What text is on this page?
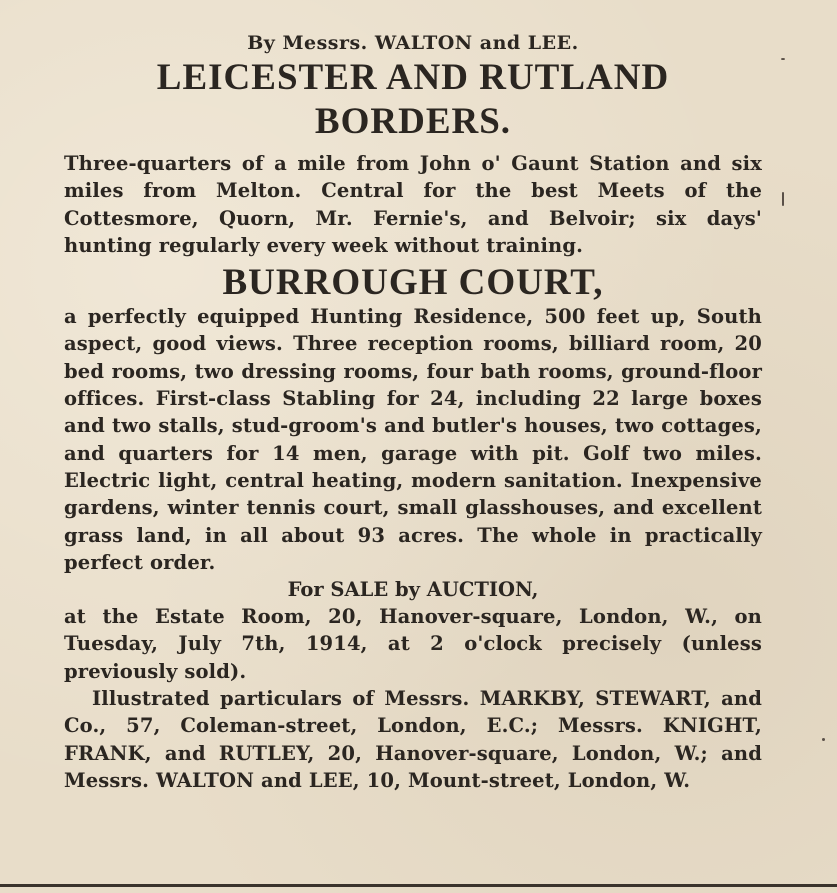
By Messrs. WALTON and LEE.

LEICESTER AND RUTLAND

BORDERS.

Three-quarters of a mile from John o' Gaunt Station and six miles from Melton. Central for the best Meets of the Cottesmore, Quorn, Mr. Fernie's, and Belvoir; six days' hunting regularly every week without training.

BURROUGH COURT,

a perfectly equipped Hunting Residence, 500 feet up, South aspect, good views. Three reception rooms, billiard room, 20 bed rooms, two dressing rooms, four bath rooms, ground-floor offices. First-class Stabling for 24, including 22 large boxes and two stalls, stud-groom's and butler's houses, two cottages, and quarters for 14 men, garage with pit. Golf two miles. Electric light, central heating, modern sanitation. Inexpensive gardens, winter tennis court, small glasshouses, and excellent grass land, in all about 93 acres. The whole in practically perfect order.

For SALE by AUCTION,

at the Estate Room, 20, Hanover-square, London, W., on Tuesday, July 7th, 1914, at 2 o'clock precisely (unless previously sold).

Illustrated particulars of Messrs. MARKBY, STEWART, and Co., 57, Coleman-street, London, E.C.; Messrs. KNIGHT, FRANK, and RUTLEY, 20, Hanover-square, London, W.; and Messrs. WALTON and LEE, 10, Mount-street, London, W.
